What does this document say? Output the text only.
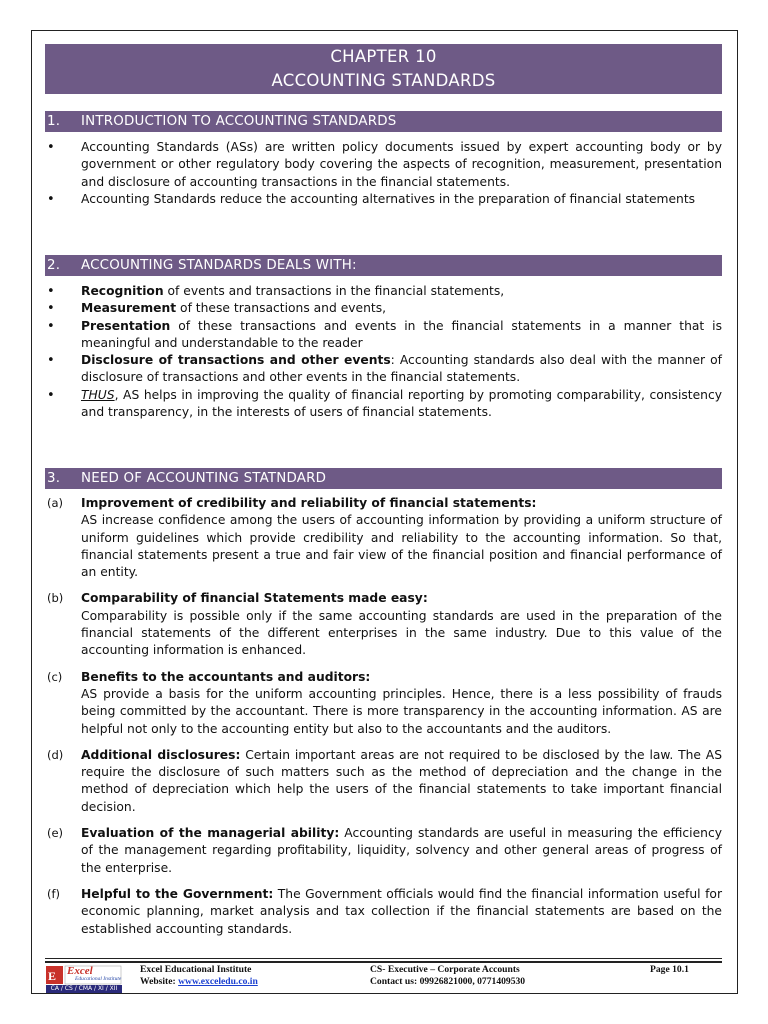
CHAPTER 10
ACCOUNTING STANDARDS
1. INTRODUCTION TO ACCOUNTING STANDARDS
• Accounting Standards (ASs) are written policy documents issued by expert accounting body or by government or other regulatory body covering the aspects of recognition, measurement, presentation and disclosure of accounting transactions in the financial statements.
• Accounting Standards reduce the accounting alternatives in the preparation of financial statements
2. ACCOUNTING STANDARDS DEALS WITH:
• Recognition of events and transactions in the financial statements,
• Measurement of these transactions and events,
• Presentation of these transactions and events in the financial statements in a manner that is meaningful and understandable to the reader
• Disclosure of transactions and other events: Accounting standards also deal with the manner of disclosure of transactions and other events in the financial statements.
• THUS, AS helps in improving the quality of financial reporting by promoting comparability, consistency and transparency, in the interests of users of financial statements.
3. NEED OF ACCOUNTING STATNDARD
(a) Improvement of credibility and reliability of financial statements:
AS increase confidence among the users of accounting information by providing a uniform structure of uniform guidelines which provide credibility and reliability to the accounting information. So that, financial statements present a true and fair view of the financial position and financial performance of an entity.
(b) Comparability of financial Statements made easy:
Comparability is possible only if the same accounting standards are used in the preparation of the financial statements of the different enterprises in the same industry. Due to this value of the accounting information is enhanced.
(c) Benefits to the accountants and auditors:
AS provide a basis for the uniform accounting principles. Hence, there is a less possibility of frauds being committed by the accountant. There is more transparency in the accounting information. AS are helpful not only to the accounting entity but also to the accountants and the auditors.
(d) Additional disclosures: Certain important areas are not required to be disclosed by the law. The AS require the disclosure of such matters such as the method of depreciation and the change in the method of depreciation which help the users of the financial statements to take important financial decision.
(e) Evaluation of the managerial ability: Accounting standards are useful in measuring the efficiency of the management regarding profitability, liquidity, solvency and other general areas of progress of the enterprise.
(f) Helpful to the Government: The Government officials would find the financial information useful for economic planning, market analysis and tax collection if the financial statements are based on the established accounting standards.
E Excel
Educational Institute
CA / CS / CMA / XI / XII
Excel Educational Institute
Website: www.exceledu.co.in
CS- Executive – Corporate Accounts
Contact us: 09926821000, 0771409530
Page 10.1
